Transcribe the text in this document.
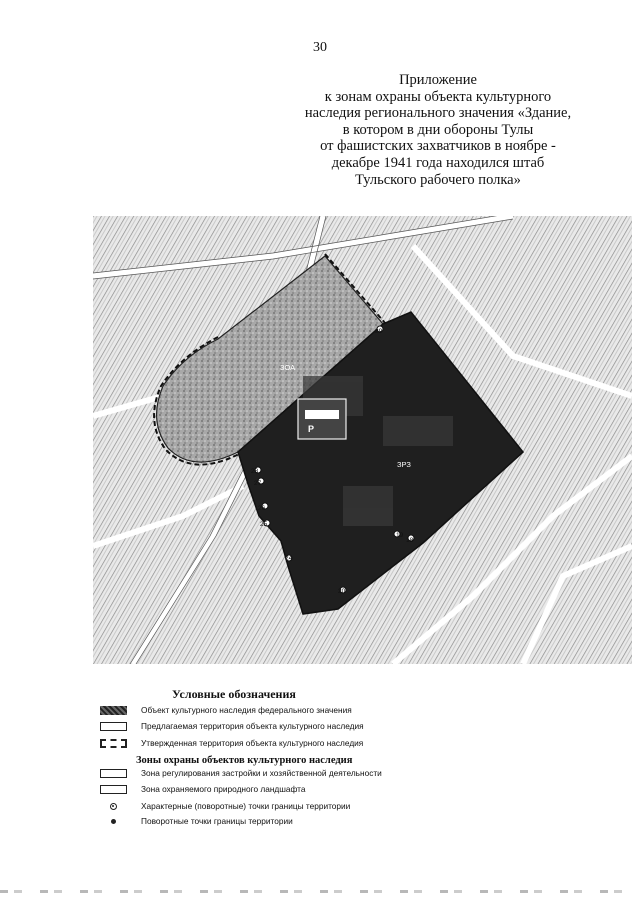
30
Приложение
к зонам охраны объекта культурного
наследия регионального значения «Здание,
в котором в дни обороны Тулы
от фашистских захватчиков в ноябре -
декабре 1941 года находился штаб
Тульского рабочего полка»
Р
ЗОА
ЗРЗ
29
28
27
26
25
24
20
19
18
Условные обозначения
Объект культурного наследия федерального значения
Предлагаемая территория объекта культурного наследия
Утвержденная территория объекта культурного наследия
Зоны охраны объектов культурного наследия
Зона регулирования застройки и хозяйственной деятельности
Зона охраняемого природного ландшафта
Характерные (поворотные) точки границы территории
Поворотные точки границы территории
